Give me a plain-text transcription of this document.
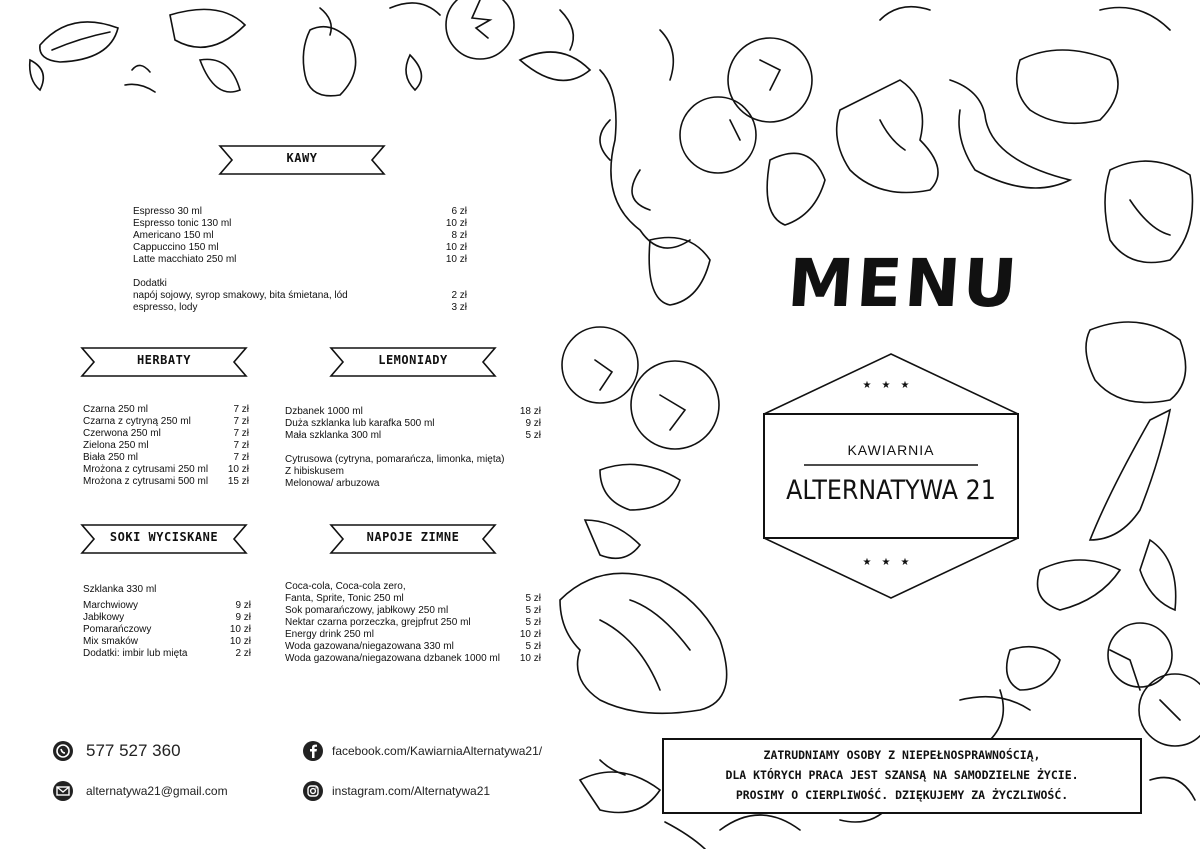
KAWY
Espresso 30 ml	6 zł
Espresso tonic 130 ml	10 zł
Americano 150 ml	8 zł
Cappuccino 150 ml	10 zł
Latte macchiato 250 ml	10 zł
Dodatki
napój sojowy, syrop smakowy, bita śmietana, lód	2 zł
espresso, lody	3 zł
HERBATY
Czarna 250 ml	7 zł
Czarna z cytryną 250 ml	7 zł
Czerwona 250 ml	7 zł
Zielona 250 ml	7 zł
Biała 250 ml	7 zł
Mrożona z cytrusami 250 ml 10 zł
Mrożona z cytrusami 500 ml 15 zł
LEMONIADY
Dzbanek 1000 ml	18 zł
Duża szklanka lub karafka 500 ml	9 zł
Mała szklanka 300 ml	5 zł
Cytrusowa (cytryna, pomarańcza, limonka, mięta)
Z hibiskusem
Melonowa/ arbuzowa
SOKI WYCISKANE
Szklanka 330 ml
Marchwiowy	9 zł
Jabłkowy	9 zł
Pomarańczowy	10 zł
Mix smaków	10 zł
Dodatki: imbir lub mięta	2 zł
NAPOJE ZIMNE
Coca-cola, Coca-cola zero,
Fanta, Sprite, Tonic 250 ml	5 zł
Sok pomarańczowy, jabłkowy 250 ml	5 zł
Nektar czarna porzeczka, grejpfrut 250 ml	5 zł
Energy drink 250 ml	10 zł
Woda gazowana/niegazowana 330 ml	5 zł
Woda gazowana/niegazowana dzbanek 1000 ml 10 zł
577 527 360
alternatywa21@gmail.com
facebook.com/KawiarniaAlternatywa21/
instagram.com/Alternatywa21
MENU
★★★
KAWIARNIA
ALTERNATYWA 21
★★★
ZATRUDNIAMY OSOBY Z NIEPEŁNOSPRAWNOŚCIĄ,
DLA KTÓRYCH PRACA JEST SZANSĄ NA SAMODZIELNE ŻYCIE.
PROSIMY O CIERPLIWOŚĆ. DZIĘKUJEMY ZA ŻYCZLIWOŚĆ.
